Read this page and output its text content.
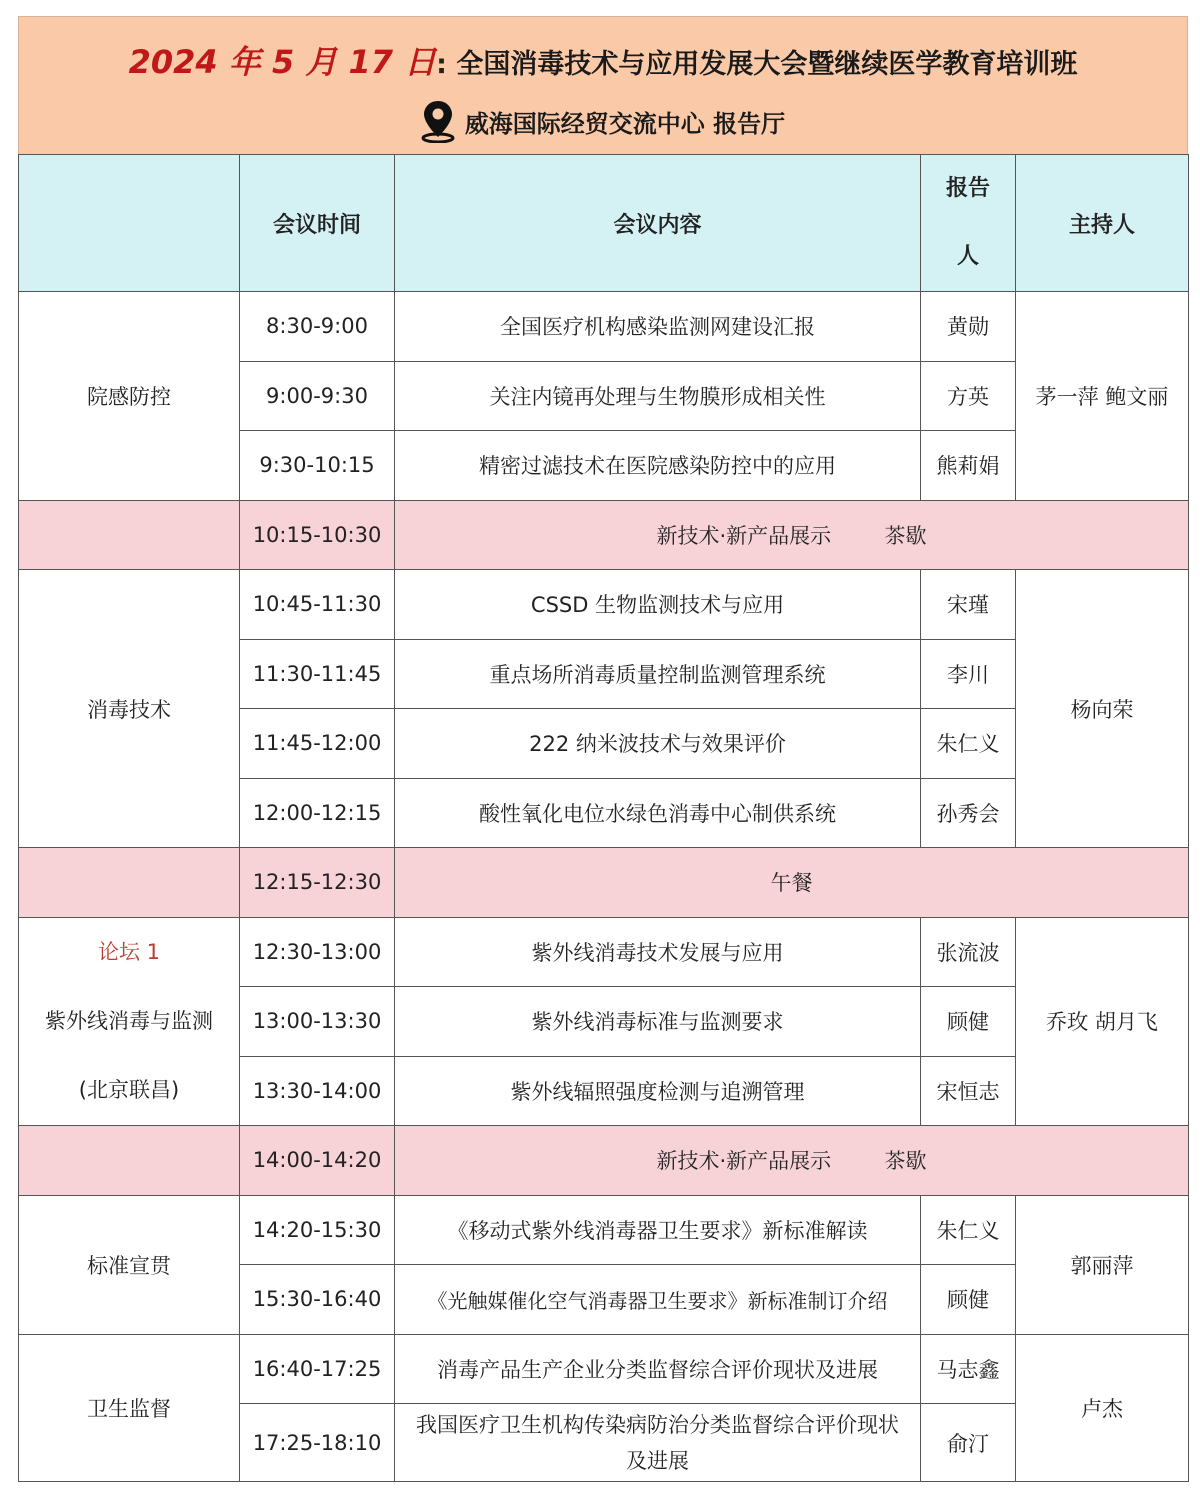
2024 年 5 月 17 日: 全国消毒技术与应用发展大会暨继续医学教育培训班
威海国际经贸交流中心 报告厅
	会议时间	会议内容	报告
人	主持人
院感防控	8:30-9:00	全国医疗机构感染监测网建设汇报	黄勋	茅一萍 鲍文丽
	9:00-9:30	关注内镜再处理与生物膜形成相关性	方英	
	9:30-10:15	精密过滤技术在医院感染防控中的应用	熊莉娟	
	10:15-10:30	新技术·新产品展示        茶歇		
消毒技术	10:45-11:30	CSSD 生物监测技术与应用	宋瑾	杨向荣
	11:30-11:45	重点场所消毒质量控制监测管理系统	李川	
	11:45-12:00	222 纳米波技术与效果评价	朱仁义	
	12:00-12:15	酸性氧化电位水绿色消毒中心制供系统	孙秀会	
	12:15-12:30	午餐		

论坛 1
紫外线消毒与监测
(北京联昌)	12:30-13:00	紫外线消毒技术发展与应用	张流波	乔玫 胡月飞
	13:00-13:30	紫外线消毒标准与监测要求	顾健	
	13:30-14:00	紫外线辐照强度检测与追溯管理	宋恒志	
	14:00-14:20	新技术·新产品展示        茶歇		
标准宣贯	14:20-15:30	《移动式紫外线消毒器卫生要求》新标准解读	朱仁义	郭丽萍
	15:30-16:40	《光触媒催化空气消毒器卫生要求》新标准制订介绍	顾健	
卫生监督	16:40-17:25	消毒产品生产企业分类监督综合评价现状及进展	马志鑫	卢杰
	17:25-18:10	我国医疗卫生机构传染病防治分类监督综合评价现状及进展	俞汀	
